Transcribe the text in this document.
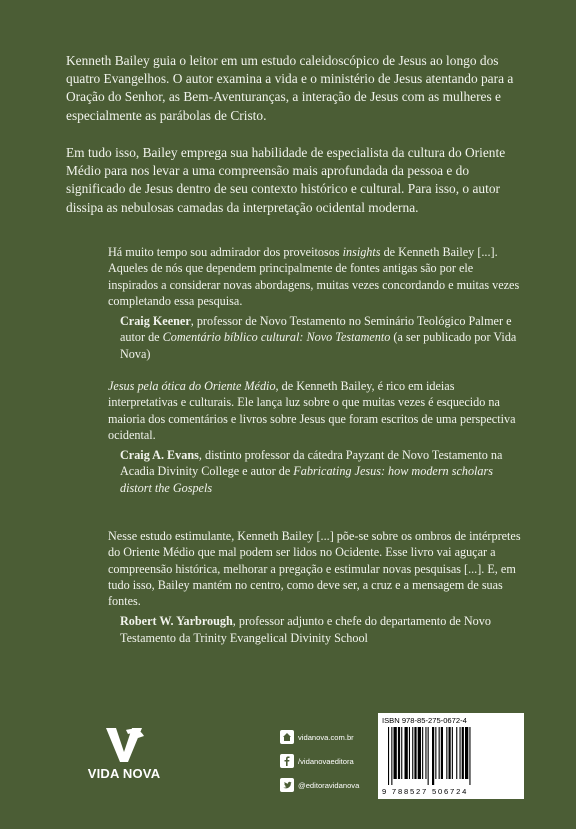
Kenneth Bailey guia o leitor em um estudo caleidoscópico de Jesus ao longo dos quatro Evangelhos. O autor examina a vida e o ministério de Jesus atentando para a Oração do Senhor, as Bem-Aventuranças, a interação de Jesus com as mulheres e especialmente as parábolas de Cristo.

Em tudo isso, Bailey emprega sua habilidade de especialista da cultura do Oriente Médio para nos levar a uma compreensão mais aprofundada da pessoa e do significado de Jesus dentro de seu contexto histórico e cultural. Para isso, o autor dissipa as nebulosas camadas da interpretação ocidental moderna.

Há muito tempo sou admirador dos proveitosos insights de Kenneth Bailey [...]. Aqueles de nós que dependem principalmente de fontes antigas são por ele inspirados a considerar novas abordagens, muitas vezes concordando e muitas vezes completando essa pesquisa.

Craig Keener, professor de Novo Testamento no Seminário Teológico Palmer e autor de Comentário bíblico cultural: Novo Testamento (a ser publicado por Vida Nova)

Jesus pela ótica do Oriente Médio, de Kenneth Bailey, é rico em ideias interpretativas e culturais. Ele lança luz sobre o que muitas vezes é esquecido na maioria dos comentários e livros sobre Jesus que foram escritos de uma perspectiva ocidental.

Craig A. Evans, distinto professor da cátedra Payzant de Novo Testamento na Acadia Divinity College e autor de Fabricating Jesus: how modern scholars distort the Gospels

Nesse estudo estimulante, Kenneth Bailey [...] põe-se sobre os ombros de intérpretes do Oriente Médio que mal podem ser lidos no Ocidente. Esse livro vai aguçar a compreensão histórica, melhorar a pregação e estimular novas pesquisas [...]. E, em tudo isso, Bailey mantém no centro, como deve ser, a cruz e a mensagem de suas fontes.

Robert W. Yarbrough, professor adjunto e chefe do departamento de Novo Testamento da Trinity Evangelical Divinity School

VIDA NOVA
vidanova.com.br
/vidanovaeditora
@editoravidanova
ISBN 978-85-275-0672-4
9 788527 506724
